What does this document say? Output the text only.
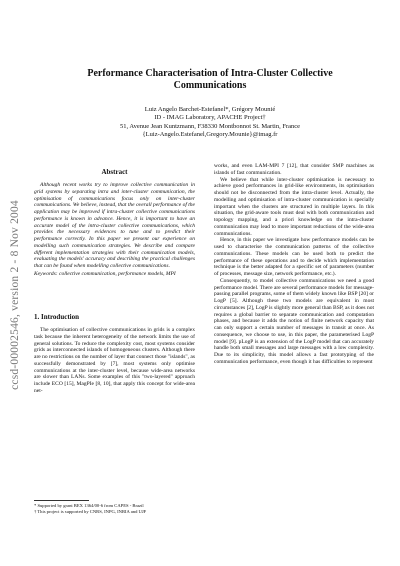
ccsd-00002546, version 2 - 8 Nov 2004
Performance Characterisation of Intra-Cluster Collective Communications
Luiz Angelo Barchet-Estefanel*, Grégory Mounié
ID - IMAG Laboratory, APACHE Project†
51, Avenue Jean Kuntzmann, F38330 Montbonnot St. Martin, France
{Luiz-Angelo.Estefanel,Gregory.Mounie}@imag.fr
Abstract

Although recent works try to improve collective communication in grid systems by separating intra and inter-cluster communication, the optimisation of communications focus only on inter-cluster communications. We believe, instead, that the overall performance of the application may be improved if intra-cluster collective communications performance is known in advance. Hence, it is important to have an accurate model of the intra-cluster collective communications, which provides the necessary evidences to tune and to predict their performance correctly. In this paper we present our experience on modelling such communication strategies. We describe and compare different implementation strategies with their communication models, evaluating the models' accuracy and describing the practical challenges that can be found when modelling collective communications.

Keywords: collective communication, performance models, MPI
1. Introduction

The optimisation of collective communications in grids is a complex task because the inherent heterogeneity of the network limits the use of general solutions. To reduce the complexity cost, most systems consider grids as interconnected islands of homogeneous clusters. Although there are no restrictions on the number of layer that connect those "islands", as successfully demonstrated by [7], most systems only optimise communications at the inter-cluster level, because wide-area networks are slower than LANs. Some examples of this "two-layered" approach include ECO [15], MagPIe [8, 10], that apply this concept for wide-area net-

* Supported by grant BEX 1364/00-6 from CAPES - Brazil
† This project is supported by CNRS, INPG, INRIA and UJF

works, and even LAM-MPI 7 [12], that consider SMP machines as islands of fast communication.

We believe that while inter-cluster optimisation is necessary to achieve good performances in grid-like environments, its optimisation should not be disconnected from the intra-cluster level. Actually, the modelling and optimisation of intra-cluster communication is specially important when the clusters are structured in multiple layers. In this situation, the grid-aware tools must deal with both communication and topology mapping, and a priori knowledge on the intra-cluster communication may lead to more important reductions of the wide-area communications.

Hence, in this paper we investigate how performance models can be used to characterise the communication patterns of the collective communications. These models can be used both to predict the performance of these operations and to decide which implementation technique is the better adapted for a specific set of parameters (number of processes, message size, network performance, etc.).

Consequently, to model collective communications we need a good performance model. There are several performance models for message-passing parallel programs, some of them widely known like BSP [20] or LogP [5]. Although these two models are equivalent in most circumstances [2], LogP is slightly more general than BSP, as it does not requires a global barrier to separate communication and computation phases, and because it adds the notion of finite network capacity that can only support a certain number of messages in transit at once. As consequence, we choose to use, in this paper, the parameterised LogP model [9]. pLogP is an extension of the LogP model that can accurately handle both small messages and large messages with a low complexity. Due to its simplicity, this model allows a fast prototyping of the communication performance, even though it has difficulties to represent
